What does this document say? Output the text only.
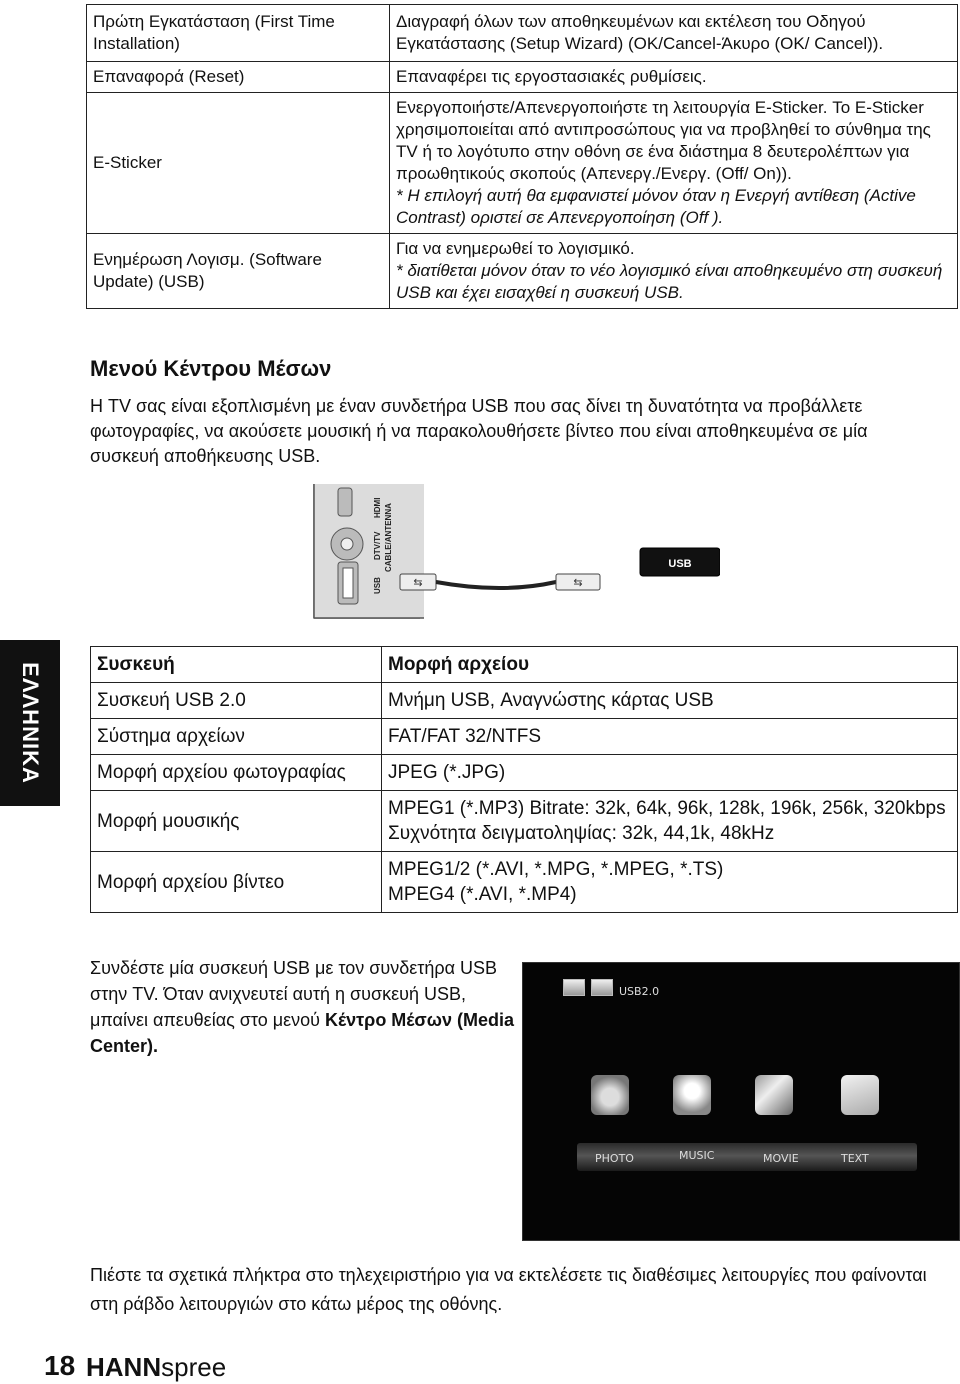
Πρώτη Εγκατάσταση (First Time Installation)	Διαγραφή όλων των αποθηκευμένων και εκτέλεση του Οδηγού Εγκατάστασης (Setup Wizard) (OK/Cancel-Άκυρο (OK/ Cancel)).

Επαναφορά (Reset)	Επαναφέρει τις εργοστασιακές ρυθμίσεις.

E-Sticker	Ενεργοποιήστε/Απενεργοποιήστε τη λειτουργία E-Sticker. Το E-Sticker χρησιμοποιείται από αντιπροσώπους για να προβληθεί το σύνθημα της TV ή το λογότυπο στην οθόνη σε ένα διάστημα 8 δευτερολέπτων για προωθητικούς σκοπούς (Απενεργ./Ενεργ. (Off/ On)).
* Η επιλογή αυτή θα εμφανιστεί μόνον όταν η Ενεργή αντίθεση (Active Contrast) οριστεί σε Απενεργοποίηση (Off ).

Ενημέρωση Λογισμ. (Software Update) (USB)	Για να ενημερωθεί το λογισμικό.
* διατίθεται μόνον όταν το νέο λογισμικό είναι αποθηκευμένο στη συσκευή USB και έχει εισαχθεί η συσκευή USB.
Μενού Κέντρου Μέσων
Η TV σας είναι εξοπλισμένη με έναν συνδετήρα USB που σας δίνει τη δυνατότητα να προβάλλετε φωτογραφίες, να ακούσετε μουσική ή να παρακολουθήσετε βίντεο που είναι αποθηκευμένα σε μία συσκευή αποθήκευσης USB.
HDMI
DTV/TV CABLE/ANTENNA
USB	⇆	⇆
USB
ΕΛΛΗΝΙΚΑ	Συσκευή	Μορφή αρχείου
Συσκευή USB 2.0	Μνήμη USB, Αναγνώστης κάρτας USB

Σύστημα αρχείων	FAT/FAT 32/NTFS

Μορφή αρχείου φωτογραφίας	JPEG (*.JPG)

Μορφή μουσικής	MPEG1 (*.MP3) Bitrate: 32k, 64k, 96k, 128k, 196k, 256k, 320kbps
Συχνότητα δειγματοληψίας: 32k, 44,1k, 48kHz

Μορφή αρχείου βίντεο	MPEG1/2 (*.AVI, *.MPG, *.MPEG, *.TS)
MPEG4 (*.AVI, *.MP4)
Συνδέστε μία συσκευή USB με τον συνδετήρα USB στην TV. Όταν ανιχνευτεί αυτή η συσκευή USB, μπαίνει απευθείας στο μενού Κέντρο Μέσων (Media Center).
USB2.0
PHOTO	MUSIC	MOVIE	TEXT
Πιέστε τα σχετικά πλήκτρα στο τηλεχειριστήριο για να εκτελέσετε τις διαθέσιμες λειτουργίες που φαίνονται στη ράβδο λειτουργιών στο κάτω μέρος της οθόνης.
18 HANNspree
